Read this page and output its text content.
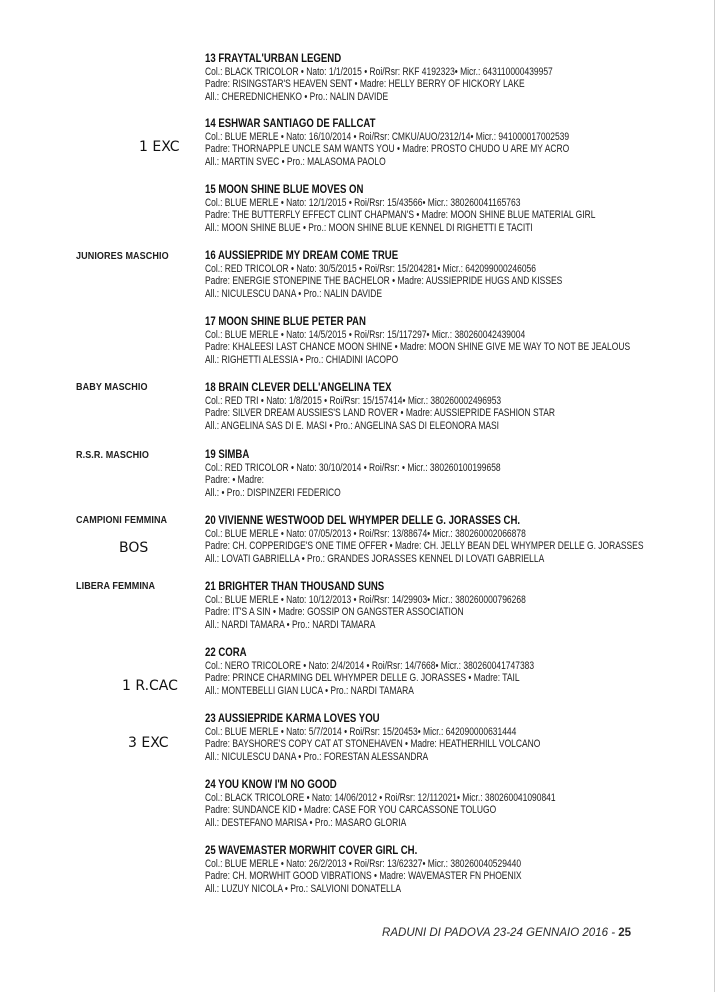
JUNIORES MASCHIO
BABY MASCHIO
R.S.R. MASCHIO
CAMPIONI FEMMINA
LIBERA FEMMINA
1 EXC
BOS
1 R.CAC
3 EXC
13 FRAYTAL'URBAN LEGEND
Col.: BLACK TRICOLOR • Nato: 1/1/2015 • Roi/Rsr: RKF 4192323• Micr.: 643110000439957
Padre: RISINGSTAR'S HEAVEN SENT • Madre: HELLY BERRY OF HICKORY LAKE
All.: CHEREDNICHENKO • Pro.: NALIN DAVIDE
14 ESHWAR SANTIAGO DE FALLCAT
Col.: BLUE MERLE • Nato: 16/10/2014 • Roi/Rsr: CMKU/AUO/2312/14• Micr.: 941000017002539
Padre: THORNAPPLE UNCLE SAM WANTS YOU • Madre: PROSTO CHUDO U ARE MY ACRO
All.: MARTIN SVEC • Pro.: MALASOMA PAOLO
15 MOON SHINE BLUE MOVES ON
Col.: BLUE MERLE • Nato: 12/1/2015 • Roi/Rsr: 15/43566• Micr.: 380260041165763
Padre: THE BUTTERFLY EFFECT CLINT CHAPMAN'S • Madre: MOON SHINE BLUE MATERIAL GIRL
All.: MOON SHINE BLUE • Pro.: MOON SHINE BLUE KENNEL DI RIGHETTI E TACITI
16 AUSSIEPRIDE MY DREAM COME TRUE
Col.: RED TRICOLOR • Nato: 30/5/2015 • Roi/Rsr: 15/204281• Micr.: 642099000246056
Padre: ENERGIE STONEPINE THE BACHELOR • Madre: AUSSIEPRIDE HUGS AND KISSES
All.: NICULESCU DANA • Pro.: NALIN DAVIDE
17 MOON SHINE BLUE PETER PAN
Col.: BLUE MERLE • Nato: 14/5/2015 • Roi/Rsr: 15/117297• Micr.: 380260042439004
Padre: KHALEESI LAST CHANCE MOON SHINE • Madre: MOON SHINE GIVE ME WAY TO NOT BE JEALOUS
All.: RIGHETTI ALESSIA • Pro.: CHIADINI IACOPO
18 BRAIN CLEVER DELL'ANGELINA TEX
Col.: RED TRI • Nato: 1/8/2015 • Roi/Rsr: 15/157414• Micr.: 380260002496953
Padre: SILVER DREAM AUSSIES'S LAND ROVER • Madre: AUSSIEPRIDE FASHION STAR
All.: ANGELINA SAS DI E. MASI • Pro.: ANGELINA SAS DI ELEONORA MASI
19 SIMBA
Col.: RED TRICOLOR • Nato: 30/10/2014 • Roi/Rsr: • Micr.: 380260100199658
Padre: • Madre:
All.: • Pro.: DISPINZERI FEDERICO
20 VIVIENNE WESTWOOD DEL WHYMPER DELLE G. JORASSES CH.
Col.: BLUE MERLE • Nato: 07/05/2013 • Roi/Rsr: 13/88674• Micr.: 380260002066878
Padre: CH. COPPERIDGE'S ONE TIME OFFER • Madre: CH. JELLY BEAN DEL WHYMPER DELLE G. JORASSES
All.: LOVATI GABRIELLA • Pro.: GRANDES JORASSES KENNEL DI LOVATI GABRIELLA
21 BRIGHTER THAN THOUSAND SUNS
Col.: BLUE MERLE • Nato: 10/12/2013 • Roi/Rsr: 14/29903• Micr.: 380260000796268
Padre: IT'S A SIN • Madre: GOSSIP ON GANGSTER ASSOCIATION
All.: NARDI TAMARA • Pro.: NARDI TAMARA
22 CORA
Col.: NERO TRICOLORE • Nato: 2/4/2014 • Roi/Rsr: 14/7668• Micr.: 380260041747383
Padre: PRINCE CHARMING DEL WHYMPER DELLE G. JORASSES • Madre: TAIL
All.: MONTEBELLI GIAN LUCA • Pro.: NARDI TAMARA
23 AUSSIEPRIDE KARMA LOVES YOU
Col.: BLUE MERLE • Nato: 5/7/2014 • Roi/Rsr: 15/20453• Micr.: 642090000631444
Padre: BAYSHORE'S COPY CAT AT STONEHAVEN • Madre: HEATHERHILL VOLCANO
All.: NICULESCU DANA • Pro.: FORESTAN ALESSANDRA
24 YOU KNOW I'M NO GOOD
Col.: BLACK TRICOLORE • Nato: 14/06/2012 • Roi/Rsr: 12/112021• Micr.: 380260041090841
Padre: SUNDANCE KID • Madre: CASE FOR YOU CARCASSONE TOLUGO
All.: DESTEFANO MARISA • Pro.: MASARO GLORIA
25 WAVEMASTER MORWHIT COVER GIRL CH.
Col.: BLUE MERLE • Nato: 26/2/2013 • Roi/Rsr: 13/62327• Micr.: 380260040529440
Padre: CH. MORWHIT GOOD VIBRATIONS • Madre: WAVEMASTER FN PHOENIX
All.: LUZUY NICOLA • Pro.: SALVIONI DONATELLA
RADUNI DI PADOVA 23-24 GENNAIO 2016 - 25
